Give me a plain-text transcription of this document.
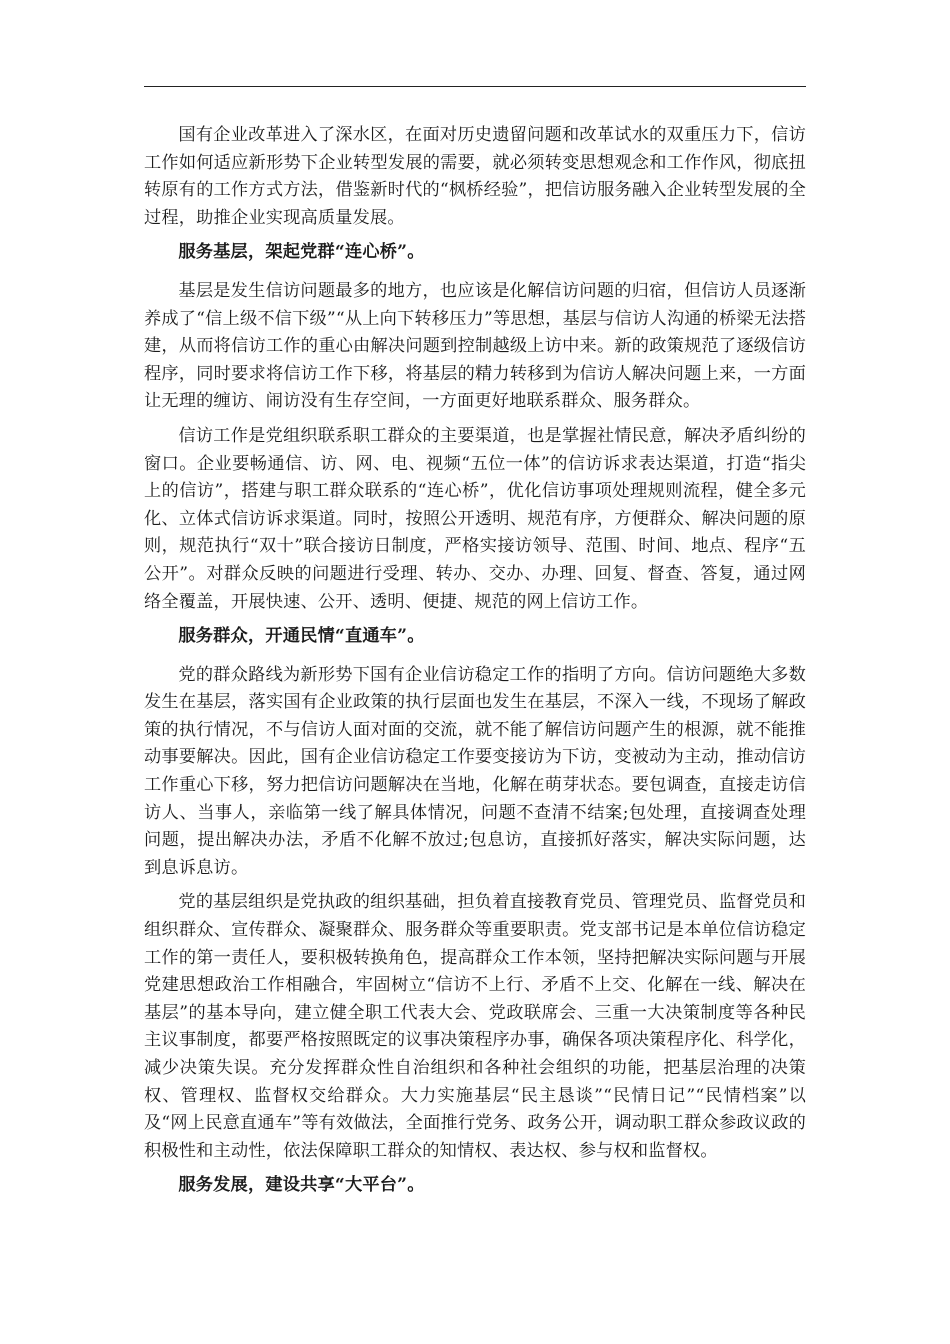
国有企业改革进入了深水区，在面对历史遗留问题和改革试水的双重压力下，信访工作如何适应新形势下企业转型发展的需要，就必须转变思想观念和工作作风，彻底扭转原有的工作方式方法，借鉴新时代的“枫桥经验”，把信访服务融入企业转型发展的全过程，助推企业实现高质量发展。

服务基层，架起党群“连心桥”。

基层是发生信访问题最多的地方，也应该是化解信访问题的归宿，但信访人员逐渐养成了“信上级不信下级”“从上向下转移压力”等思想，基层与信访人沟通的桥梁无法搭建，从而将信访工作的重心由解决问题到控制越级上访中来。新的政策规范了逐级信访程序，同时要求将信访工作下移，将基层的精力转移到为信访人解决问题上来，一方面让无理的缠访、闹访没有生存空间，一方面更好地联系群众、服务群众。

信访工作是党组织联系职工群众的主要渠道，也是掌握社情民意，解决矛盾纠纷的窗口。企业要畅通信、访、网、电、视频“五位一体”的信访诉求表达渠道，打造“指尖上的信访”，搭建与职工群众联系的“连心桥”，优化信访事项处理规则流程，健全多元化、立体式信访诉求渠道。同时，按照公开透明、规范有序，方便群众、解决问题的原则，规范执行“双十”联合接访日制度，严格实接访领导、范围、时间、地点、程序“五公开”。对群众反映的问题进行受理、转办、交办、办理、回复、督查、答复，通过网络全覆盖，开展快速、公开、透明、便捷、规范的网上信访工作。

服务群众，开通民情“直通车”。

党的群众路线为新形势下国有企业信访稳定工作的指明了方向。信访问题绝大多数发生在基层，落实国有企业政策的执行层面也发生在基层，不深入一线，不现场了解政策的执行情况，不与信访人面对面的交流，就不能了解信访问题产生的根源，就不能推动事要解决。因此，国有企业信访稳定工作要变接访为下访，变被动为主动，推动信访工作重心下移，努力把信访问题解决在当地，化解在萌芽状态。要包调查，直接走访信访人、当事人，亲临第一线了解具体情况，问题不查清不结案;包处理，直接调查处理问题，提出解决办法，矛盾不化解不放过;包息访，直接抓好落实，解决实际问题，达到息诉息访。

党的基层组织是党执政的组织基础，担负着直接教育党员、管理党员、监督党员和组织群众、宣传群众、凝聚群众、服务群众等重要职责。党支部书记是本单位信访稳定工作的第一责任人，要积极转换角色，提高群众工作本领，坚持把解决实际问题与开展党建思想政治工作相融合，牢固树立“信访不上行、矛盾不上交、化解在一线、解决在基层”的基本导向，建立健全职工代表大会、党政联席会、三重一大决策制度等各种民主议事制度，都要严格按照既定的议事决策程序办事，确保各项决策程序化、科学化，减少决策失误。充分发挥群众性自治组织和各种社会组织的功能，把基层治理的决策权、管理权、监督权交给群众。大力实施基层“民主恳谈”“民情日记”“民情档案”以及“网上民意直通车”等有效做法，全面推行党务、政务公开，调动职工群众参政议政的积极性和主动性，依法保障职工群众的知情权、表达权、参与权和监督权。

服务发展，建设共享“大平台”。
